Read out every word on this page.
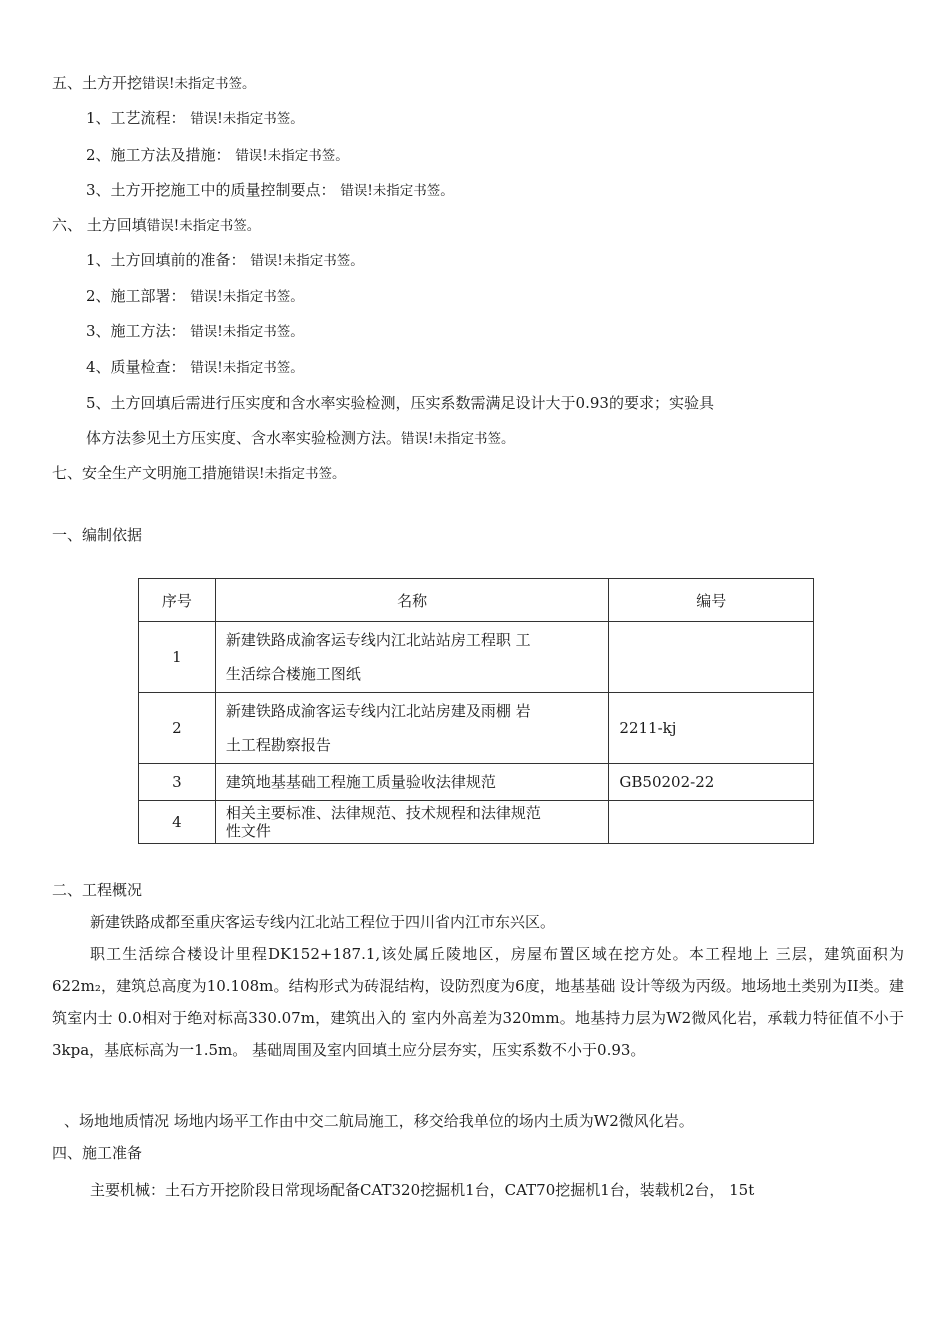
五、土方开挖错误!未指定书签。
1、工艺流程： 错误!未指定书签。
2、施工方法及措施： 错误!未指定书签。
3、土方开挖施工中的质量控制要点： 错误!未指定书签。
六、 土方回填错误!未指定书签。
1、土方回填前的准备： 错误!未指定书签。
2、施工部署： 错误!未指定书签。
3、施工方法： 错误!未指定书签。
4、质量检查： 错误!未指定书签。
5、土方回填后需进行压实度和含水率实验检测，压实系数需满足设计大于0.93的要求；实验具
体方法参见土方压实度、含水率实验检测方法。错误!未指定书签。
七、安全生产文明施工措施错误!未指定书签。
一、编制依据
序号	名称	编号
1	新建铁路成渝客运专线内江北站站房工程职 工
生活综合楼施工图纸	
2	新建铁路成渝客运专线内江北站房建及雨棚 岩
土工程勘察报告	2211-kj
3	建筑地基基础工程施工质量验收法律规范	GB50202-22
4	相关主要标准、法律规范、技术规程和法律规范
性文件	
二、工程概况
新建铁路成都至重庆客运专线内江北站工程位于四川省内江市东兴区。
职工生活综合楼设计里程DK152+187.1,该处属丘陵地区，房屋布置区域在挖方处。本工程地上 三层，建筑面积为622m₂，建筑总高度为10.108m。结构形式为砖混结构，设防烈度为6度，地基基础 设计等级为丙级。地场地土类别为II类。建筑室内士 0.0相对于绝对标高330.07m，建筑出入的 室内外高差为320mm。地基持力层为W2微风化岩，承载力特征值不小于3kpa，基底标高为一1.5m。 基础周围及室内回填土应分层夯实，压实系数不小于0.93。
、场地地质情况 场地内场平工作由中交二航局施工，移交给我单位的场内土质为W2微风化岩。
四、施工准备
主要机械：土石方开挖阶段日常现场配备CAT320挖掘机1台，CAT70挖掘机1台，装载机2台， 15t
